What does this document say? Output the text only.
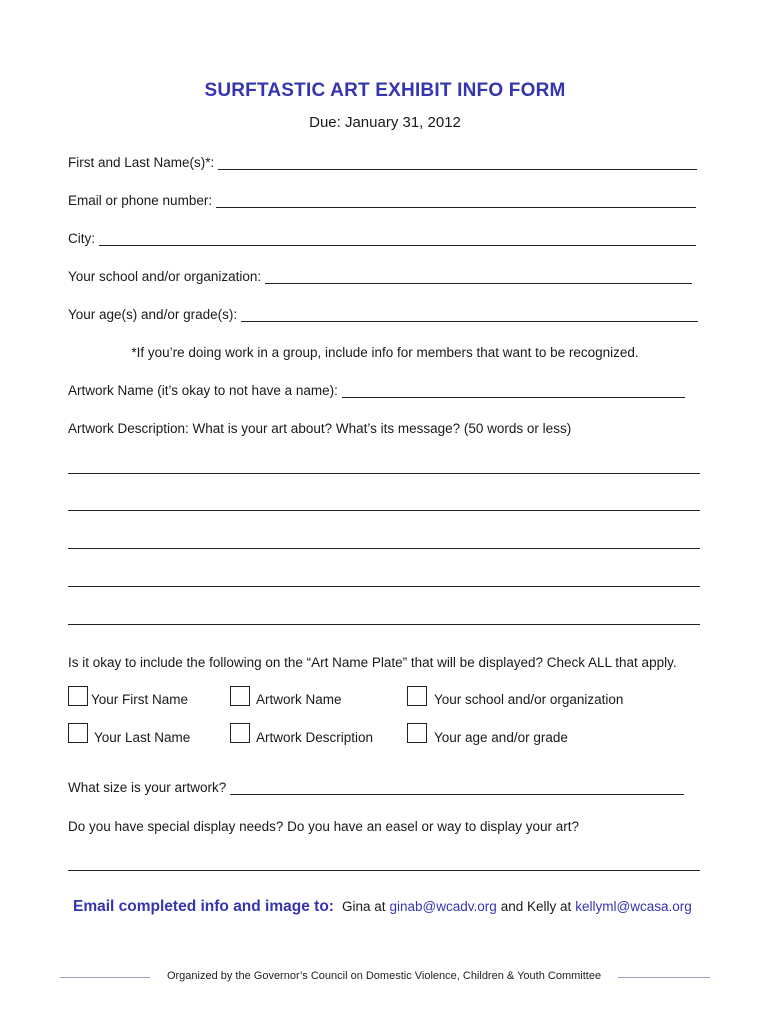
SURFTASTIC ART EXHIBIT INFO FORM
Due: January 31, 2012
First and Last Name(s)*:
Email or phone number:
City:
Your school and/or organization:
Your age(s) and/or grade(s):
*If you’re doing work in a group, include info for members that want to be recognized.
Artwork Name (it’s okay to not have a name):
Artwork Description: What is your art about? What’s its message? (50 words or less)
Is it okay to include the following on the “Art Name Plate” that will be displayed? Check ALL that apply.
Your First Name	Artwork Name	Your school and/or organization
Your Last Name	Artwork Description	Your age and/or grade
What size is your artwork?
Do you have special display needs? Do you have an easel or way to display your art?
Email completed info and image to: Gina at ginab@wcadv.org and Kelly at kellyml@wcasa.org
Organized by the Governor’s Council on Domestic Violence, Children & Youth Committee
